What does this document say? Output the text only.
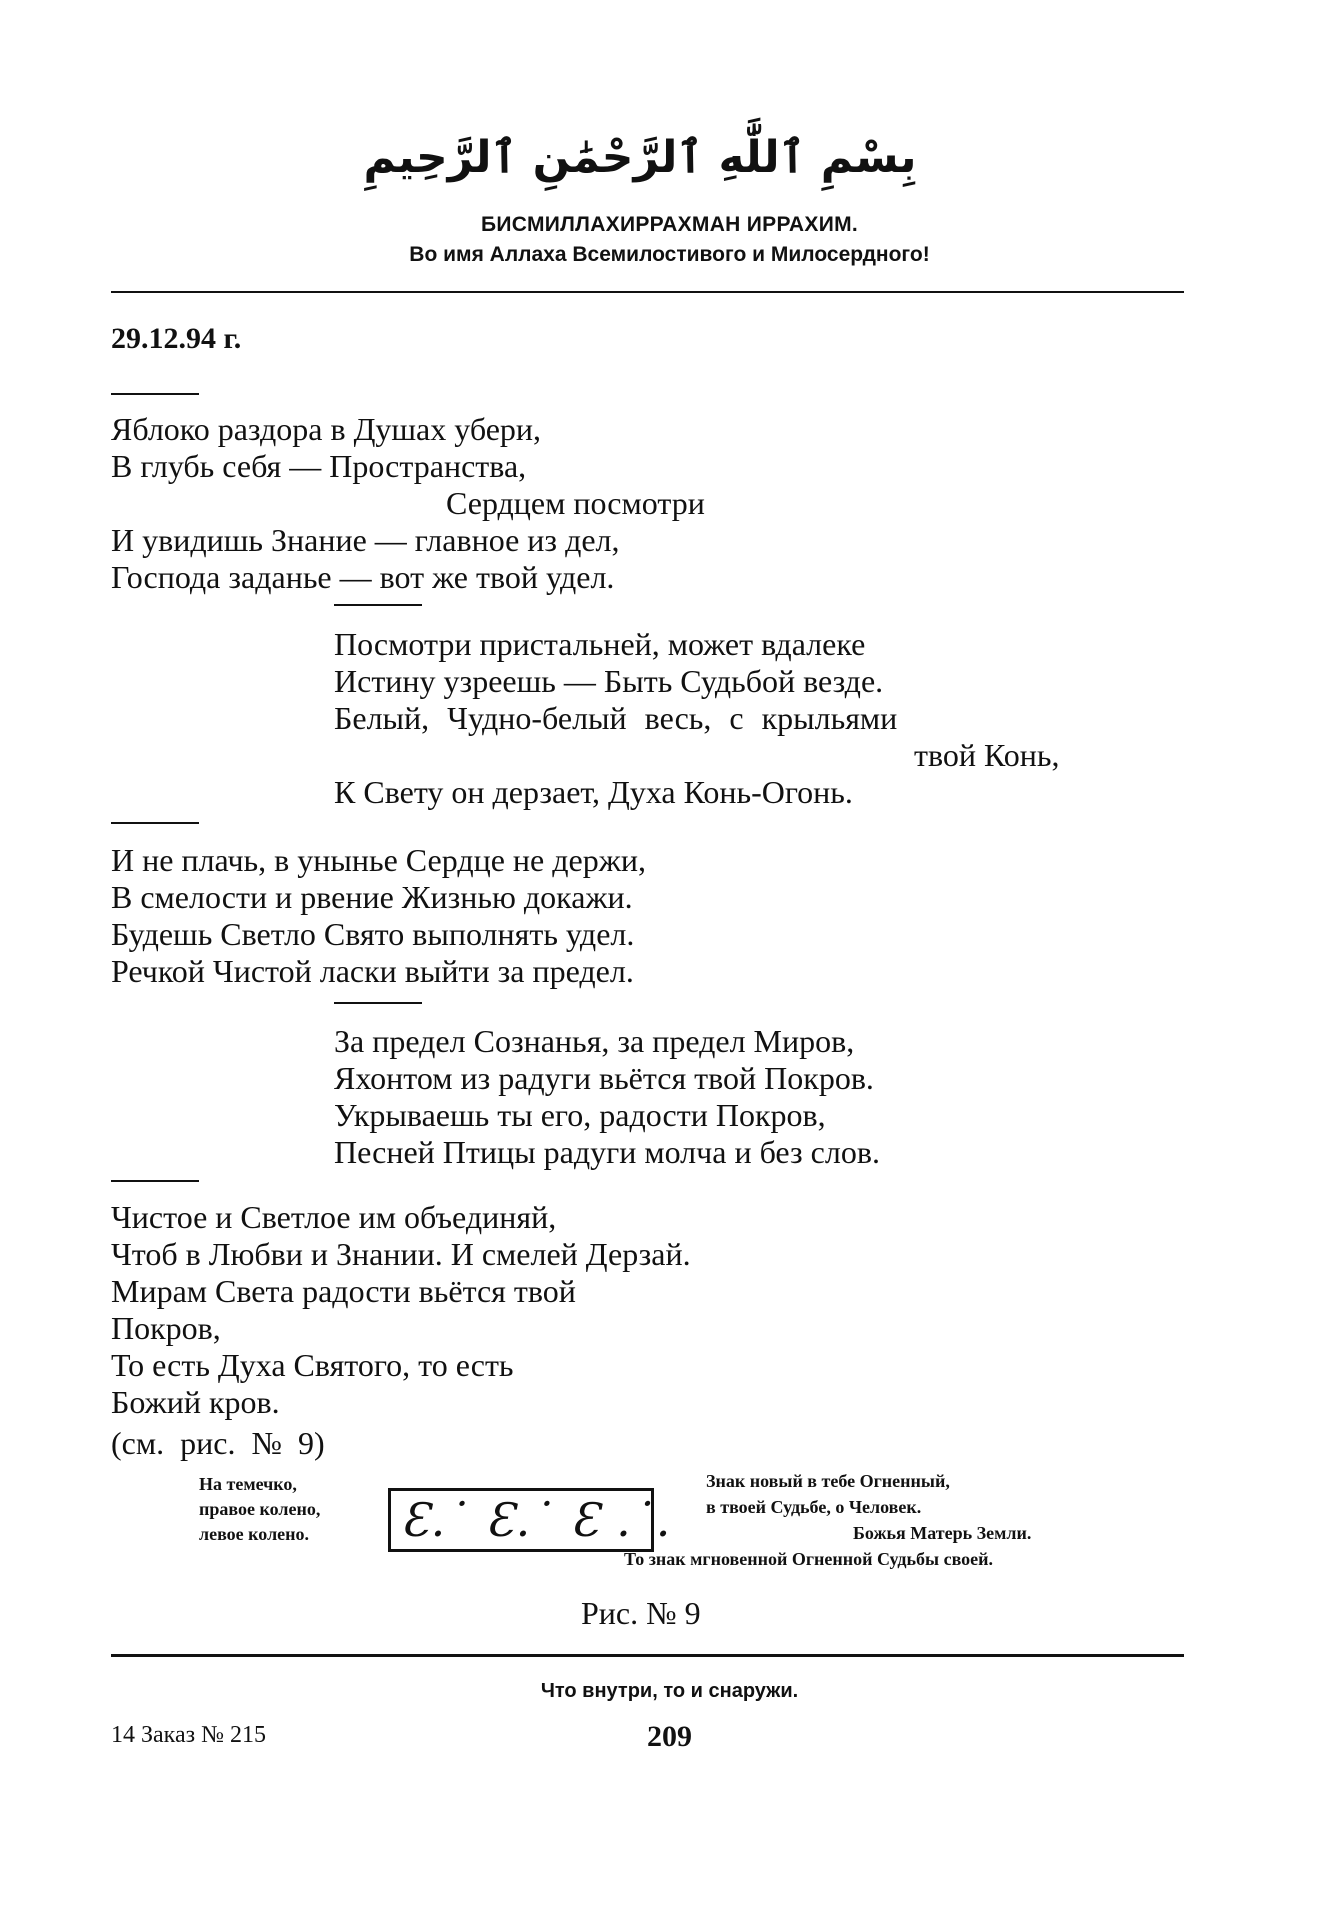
بِسْمِ ٱللَّٰهِ ٱلرَّحْمَٰنِ ٱلرَّحِيمِ
БИСМИЛЛАХИРРАХМАН ИРРАХИМ.
Во имя Аллаха Всемилостивого и Милосердного!
29.12.94 г.
Яблоко раздора в Душах убери,
В глубь себя — Пространства,
Сердцем посмотри
И увидишь Знание — главное из дел,
Господа заданье — вот же твой удел.
Посмотри пристальней, может вдалеке
Истину узреешь — Быть Судьбой везде.
Белый, Чудно-белый весь, с крыльями
твой Конь,
К Свету он дерзает, Духа Конь-Огонь.
И не плачь, в унынье Сердце не держи,
В смелости и рвение Жизнью докажи.
Будешь Светло Свято выполнять удел.
Речкой Чистой ласки выйти за предел.
За предел Сознанья, за предел Миров,
Яхонтом из радуги вьётся твой Покров.
Укрываешь ты его, радости Покров,
Песней Птицы радуги молча и без слов.
Чистое и Светлое им объединяй,
Чтоб в Любви и Знании. И смелей Дерзай.
Мирам Света радости вьётся твой
Покров,
То есть Духа Святого, то есть
Божий кров.
(см. рис. № 9)
На темечко,
правое колено,
левое колено. Ɛ.˙ Ɛ.˙ Ɛ .˙.
Знак новый в тебе Огненный,
в твоей Судьбе, о Человек.
Божья Матерь Земли.
То знак мгновенной Огненной Судьбы своей.
Рис. № 9
Что внутри, то и снаружи.
209
14 Заказ № 215
